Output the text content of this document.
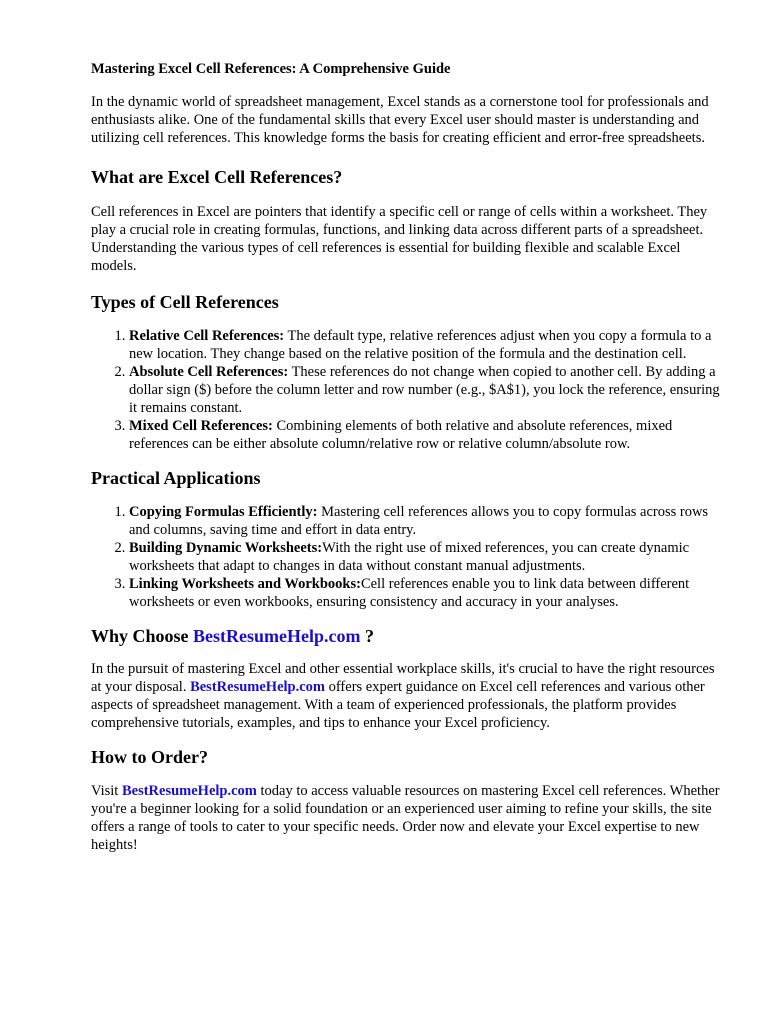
Mastering Excel Cell References: A Comprehensive Guide

In the dynamic world of spreadsheet management, Excel stands as a cornerstone tool for professionals and enthusiasts alike. One of the fundamental skills that every Excel user should master is understanding and utilizing cell references. This knowledge forms the basis for creating efficient and error-free spreadsheets.

What are Excel Cell References?

Cell references in Excel are pointers that identify a specific cell or range of cells within a worksheet. They play a crucial role in creating formulas, functions, and linking data across different parts of a spreadsheet. Understanding the various types of cell references is essential for building flexible and scalable Excel models.

Types of Cell References
1. Relative Cell References: The default type, relative references adjust when you copy a formula to a new location. They change based on the relative position of the formula and the destination cell.
2. Absolute Cell References: These references do not change when copied to another cell. By adding a dollar sign ($) before the column letter and row number (e.g., $A$1), you lock the reference, ensuring it remains constant.
3. Mixed Cell References: Combining elements of both relative and absolute references, mixed references can be either absolute column/relative row or relative column/absolute row.
Practical Applications
1. Copying Formulas Efficiently: Mastering cell references allows you to copy formulas across rows and columns, saving time and effort in data entry.
2. Building Dynamic Worksheets:With the right use of mixed references, you can create dynamic worksheets that adapt to changes in data without constant manual adjustments.
3. Linking Worksheets and Workbooks:Cell references enable you to link data between different worksheets or even workbooks, ensuring consistency and accuracy in your analyses.
Why Choose BestResumeHelp.com ?

In the pursuit of mastering Excel and other essential workplace skills, it's crucial to have the right resources at your disposal. BestResumeHelp.com offers expert guidance on Excel cell references and various other aspects of spreadsheet management. With a team of experienced professionals, the platform provides comprehensive tutorials, examples, and tips to enhance your Excel proficiency.

How to Order?

Visit BestResumeHelp.com today to access valuable resources on mastering Excel cell references. Whether you're a beginner looking for a solid foundation or an experienced user aiming to refine your skills, the site offers a range of tools to cater to your specific needs. Order now and elevate your Excel expertise to new heights!
